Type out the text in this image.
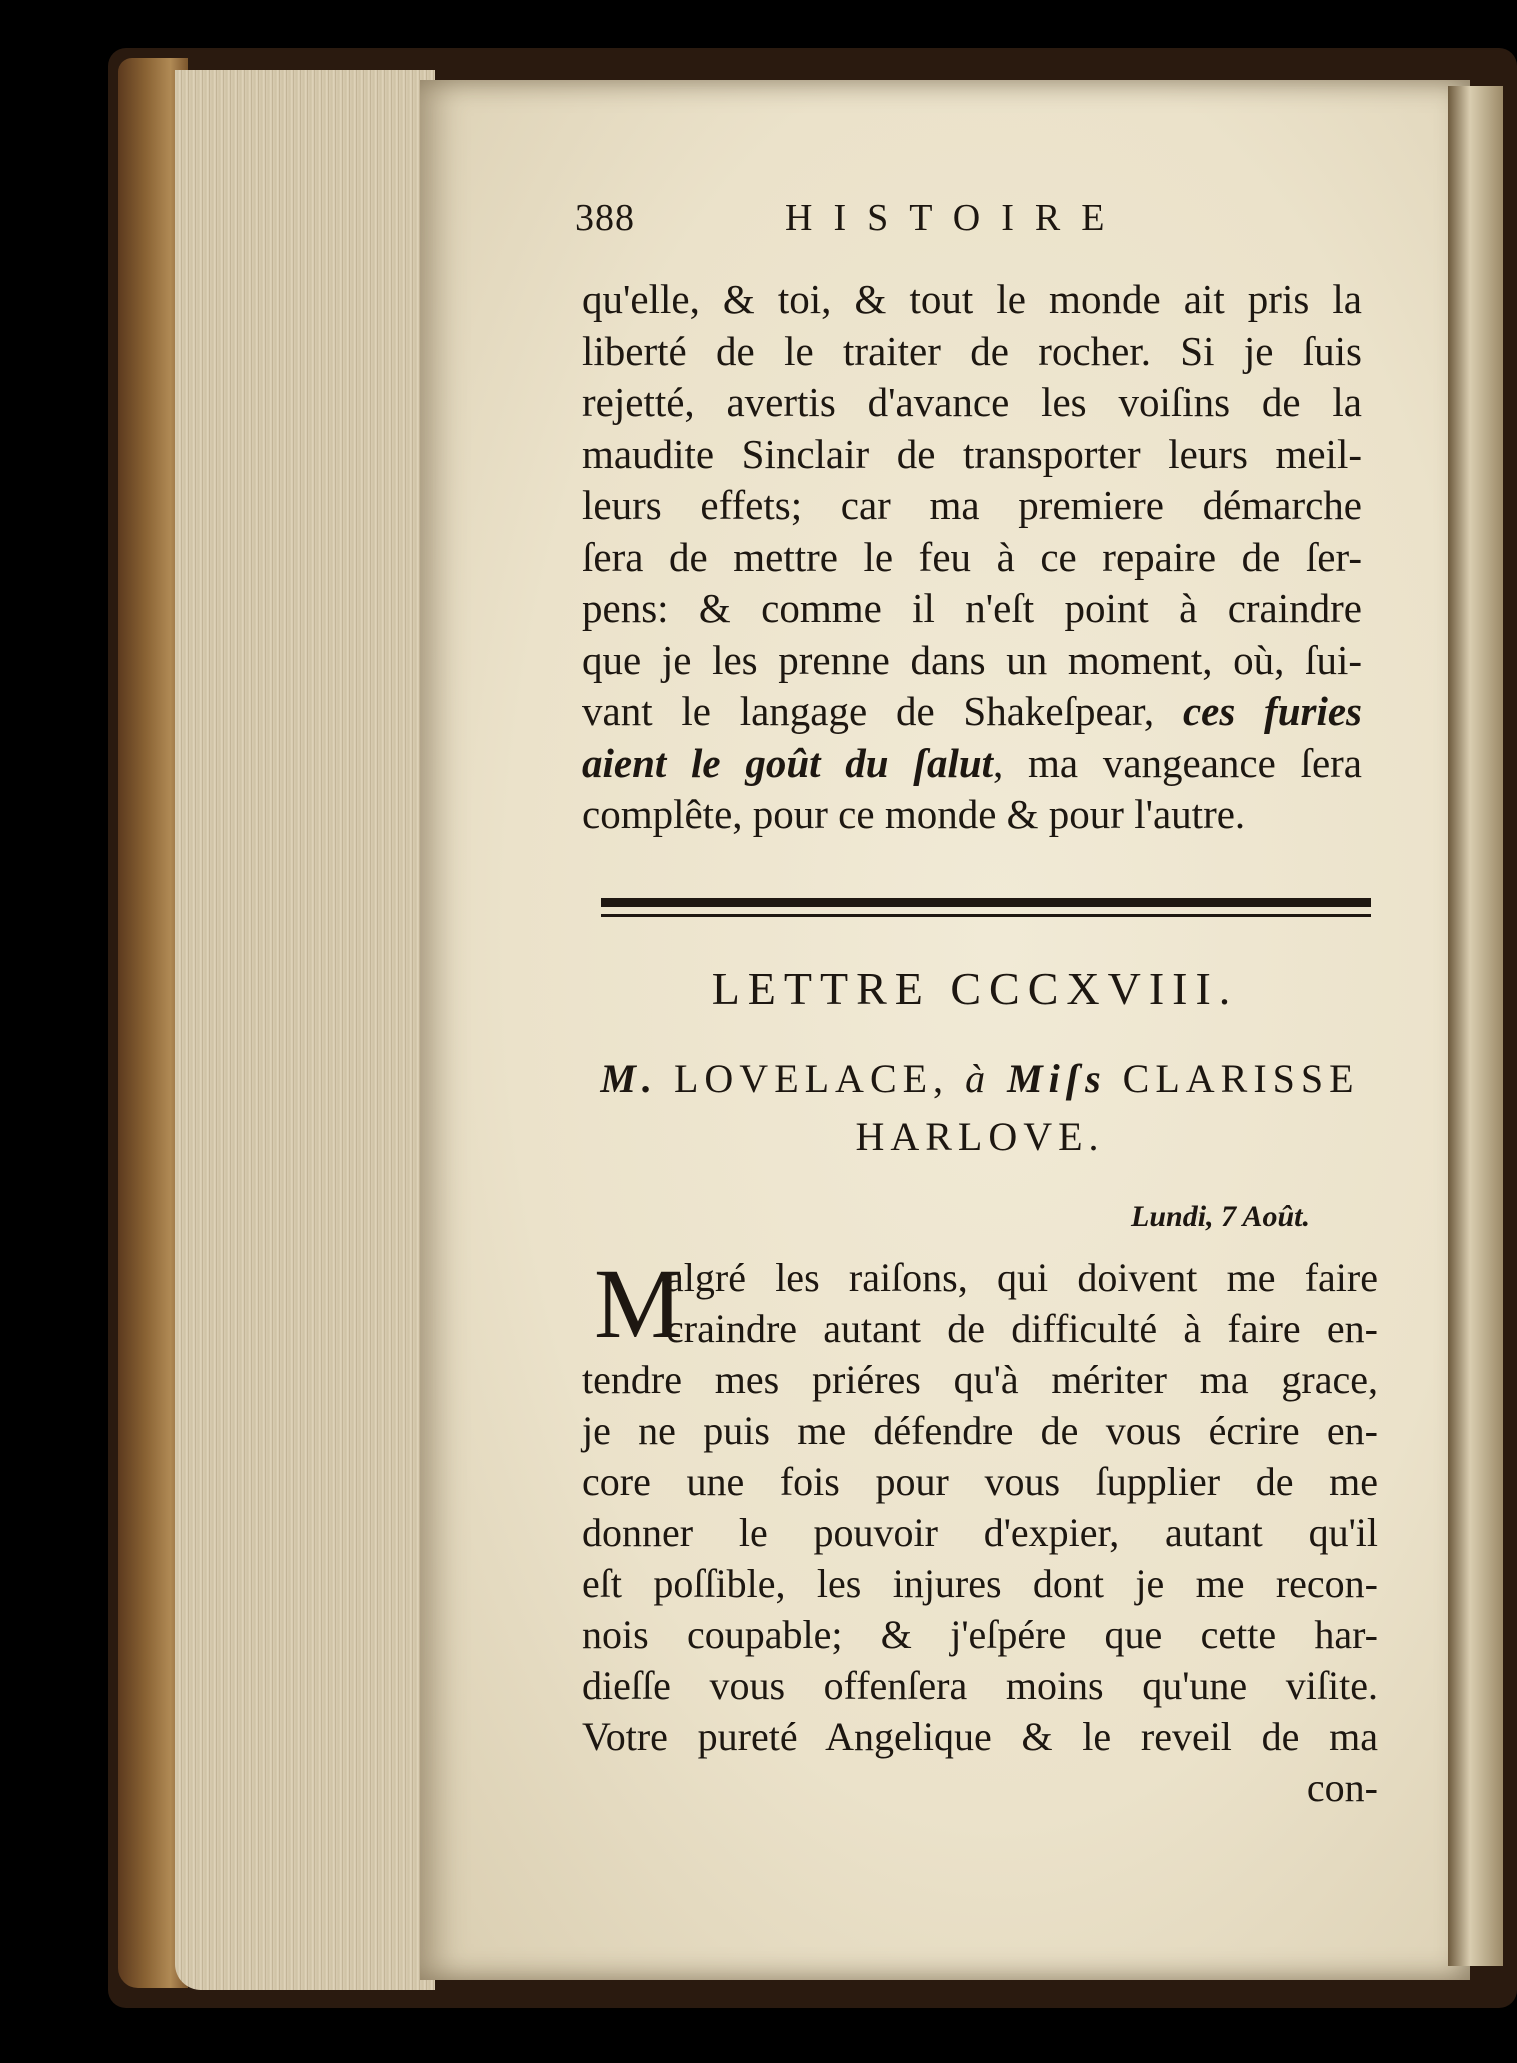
388	HISTOIRE
qu'elle, & toi, & tout le monde ait pris la
liberté de le traiter de rocher. Si je ſuis
rejetté, avertis d'avance les voiſins de la
maudite Sinclair de transporter leurs meil-
leurs effets; car ma premiere démarche
ſera de mettre le feu à ce repaire de ſer-
pens: & comme il n'eſt point à craindre
que je les prenne dans un moment, où, ſui-
vant le langage de Shakeſpear, ces furies
aient le goût du ſalut, ma vangeance ſera
complête, pour ce monde & pour l'autre.
LETTRE CCCXVIII.
M. LOVELACE, à Miſs CLARISSE
HARLOVE.
Lundi, 7 Août.
M
algré les raiſons, qui doivent me faire
craindre autant de difficulté à faire en-
tendre mes priéres qu'à mériter ma grace,
je ne puis me défendre de vous écrire en-
core une fois pour vous ſupplier de me
donner le pouvoir d'expier, autant qu'il
eſt poſſible, les injures dont je me recon-
nois coupable; & j'eſpére que cette har-
dieſſe vous offenſera moins qu'une viſite.
Votre pureté Angelique & le reveil de ma
con-
